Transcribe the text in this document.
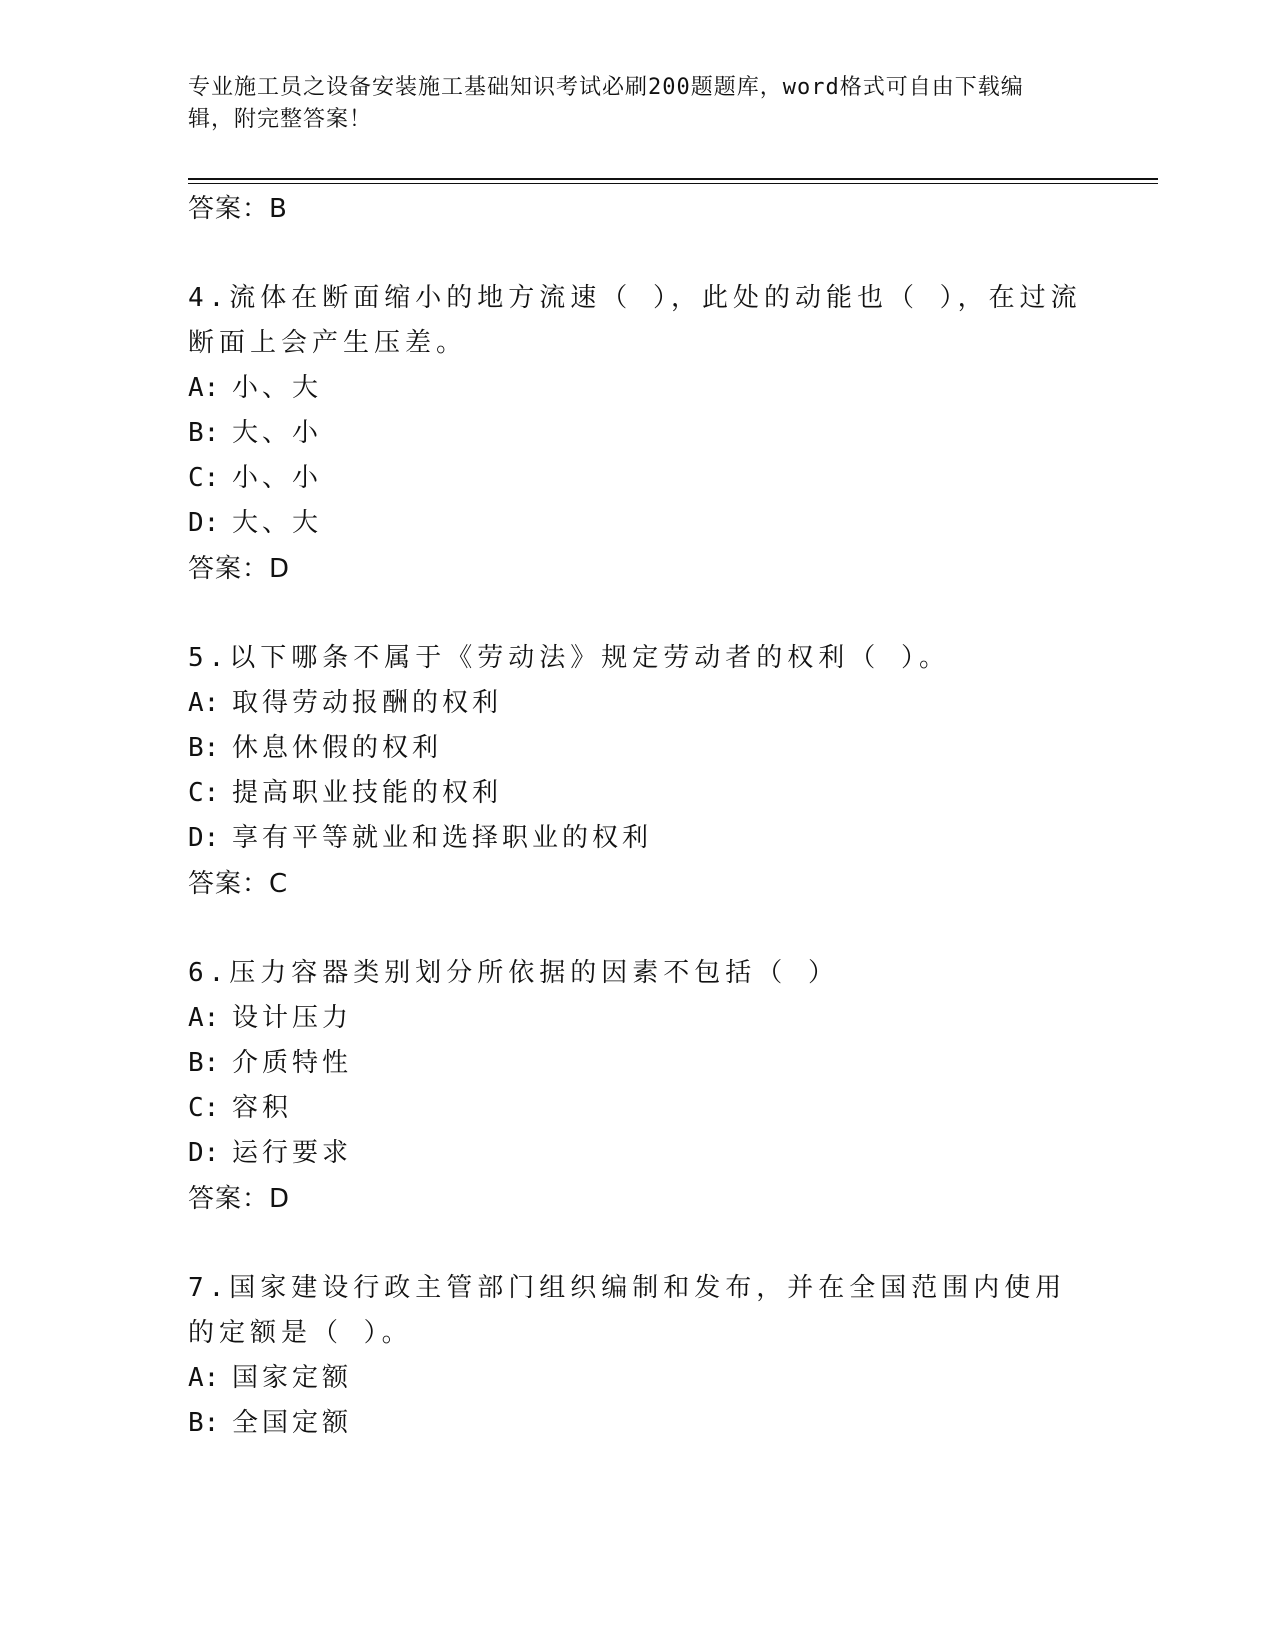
专业施工员之设备安装施工基础知识考试必刷200题题库，word格式可自由下载编辑，附完整答案！

答案：B

4.流体在断面缩小的地方流速（ ），此处的动能也（ ），在过流断面上会产生压差。

A: 小、大

B: 大、小

C: 小、小

D: 大、大

答案：D

5.以下哪条不属于《劳动法》规定劳动者的权利（ ）。

A: 取得劳动报酬的权利

B: 休息休假的权利

C: 提高职业技能的权利

D: 享有平等就业和选择职业的权利

答案：C

6.压力容器类别划分所依据的因素不包括（ ）

A: 设计压力

B: 介质特性

C: 容积

D: 运行要求

答案：D

7.国家建设行政主管部门组织编制和发布，并在全国范围内使用的定额是（ ）。

A: 国家定额

B: 全国定额
